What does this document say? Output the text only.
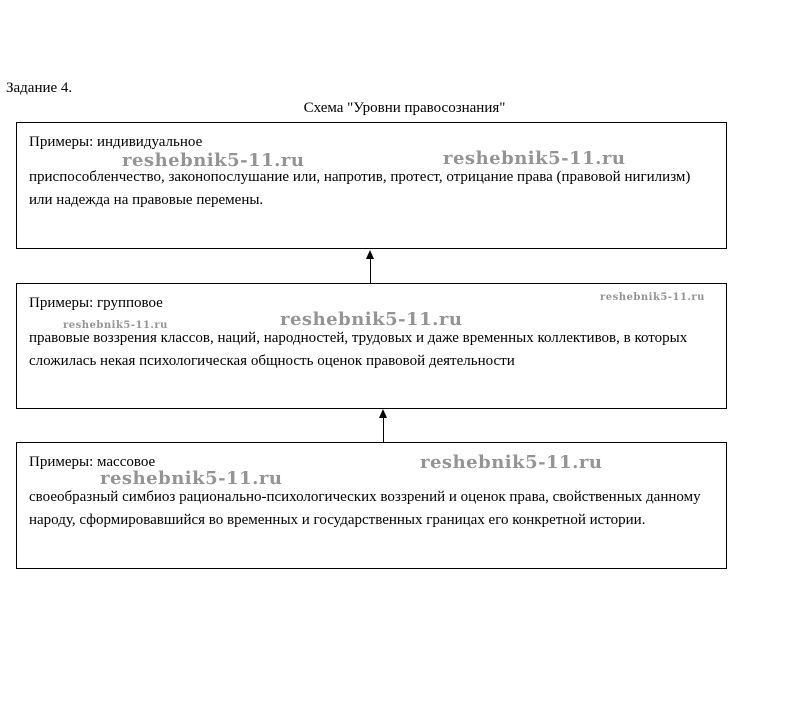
Задание 4.
Схема "Уровни правосознания"
Примеры: индивидуальное
приспособленчество, законопослушание или, напротив, протест, отрицание права (правовой нигилизм) или надежда на правовые перемены.
Примеры: групповое
правовые воззрения классов, наций, народностей, трудовых и даже временных коллективов, в которых сложилась некая психологическая общность оценок правовой деятельности
Примеры: массовое
своеобразный симбиоз рационально-психологических воззрений и оценок права, свойственных данному народу, сформировавшийся во временных и государственных границах его конкретной истории.
reshebnik5-11.ru	reshebnik5-11.ru
reshebnik5-11.ru
reshebnik5-11.ru
reshebnik5-11.ru
reshebnik5-11.ru
reshebnik5-11.ru
